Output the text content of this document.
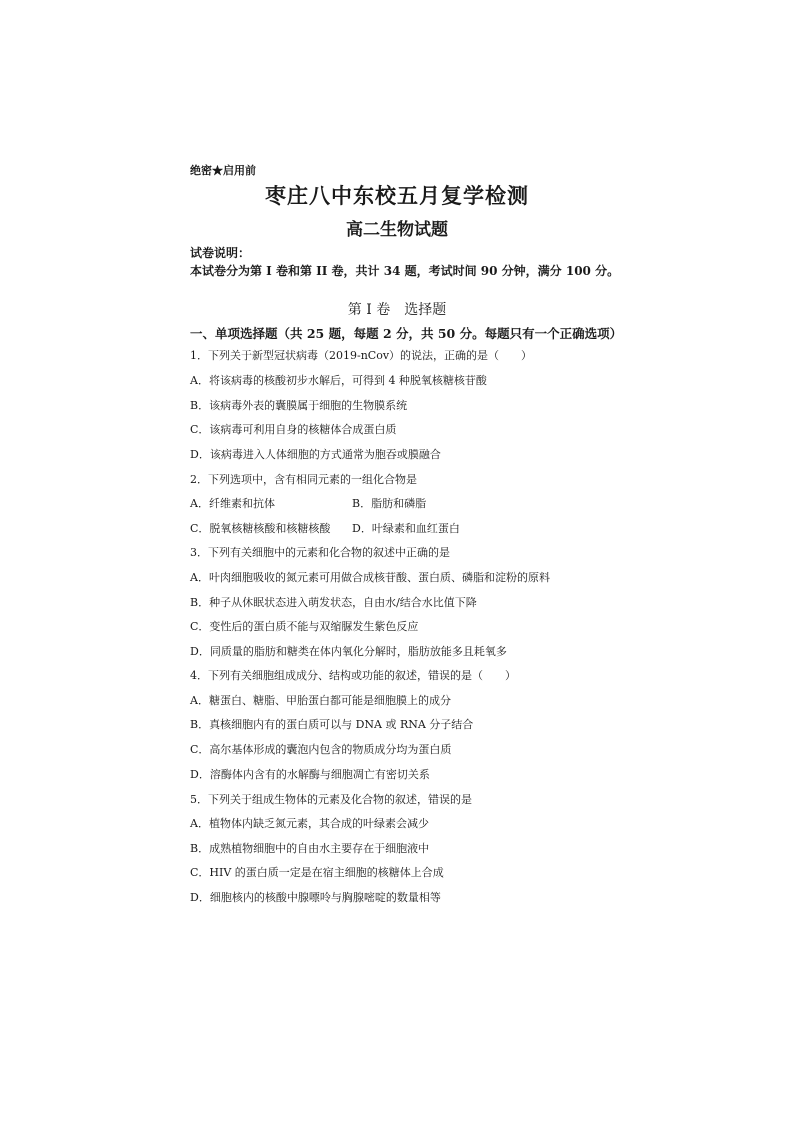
绝密★启用前
枣庄八中东校五月复学检测
高二生物试题
试卷说明：
本试卷分为第 I 卷和第 II 卷，共计 34 题，考试时间 90 分钟，满分 100 分。
第 I 卷　选择题
一、单项选择题（共 25 题，每题 2 分，共 50 分。每题只有一个正确选项）
1．下列关于新型冠状病毒（2019-nCov）的说法，正确的是（　　）
A．将该病毒的核酸初步水解后，可得到 4 种脱氧核糖核苷酸
B．该病毒外表的囊膜属于细胞的生物膜系统
C．该病毒可利用自身的核糖体合成蛋白质
D．该病毒进入人体细胞的方式通常为胞吞或膜融合
2．下列选项中，含有相同元素的一组化合物是
A．纤维素和抗体	B．脂肪和磷脂
C．脱氧核糖核酸和核糖核酸 D．叶绿素和血红蛋白
3．下列有关细胞中的元素和化合物的叙述中正确的是
A．叶肉细胞吸收的氮元素可用做合成核苷酸、蛋白质、磷脂和淀粉的原料
B．种子从休眠状态进入萌发状态，自由水/结合水比值下降
C．变性后的蛋白质不能与双缩脲发生紫色反应
D．同质量的脂肪和糖类在体内氧化分解时，脂肪放能多且耗氧多
4．下列有关细胞组成成分、结构或功能的叙述，错误的是（　　）
A．糖蛋白、糖脂、甲胎蛋白都可能是细胞膜上的成分
B．真核细胞内有的蛋白质可以与 DNA 或 RNA 分子结合
C．高尔基体形成的囊泡内包含的物质成分均为蛋白质
D．溶酶体内含有的水解酶与细胞凋亡有密切关系
5．下列关于组成生物体的元素及化合物的叙述，错误的是
A．植物体内缺乏氮元素，其合成的叶绿素会减少
B．成熟植物细胞中的自由水主要存在于细胞液中
C．HIV 的蛋白质一定是在宿主细胞的核糖体上合成
D．细胞核内的核酸中腺嘌呤与胸腺嘧啶的数量相等
